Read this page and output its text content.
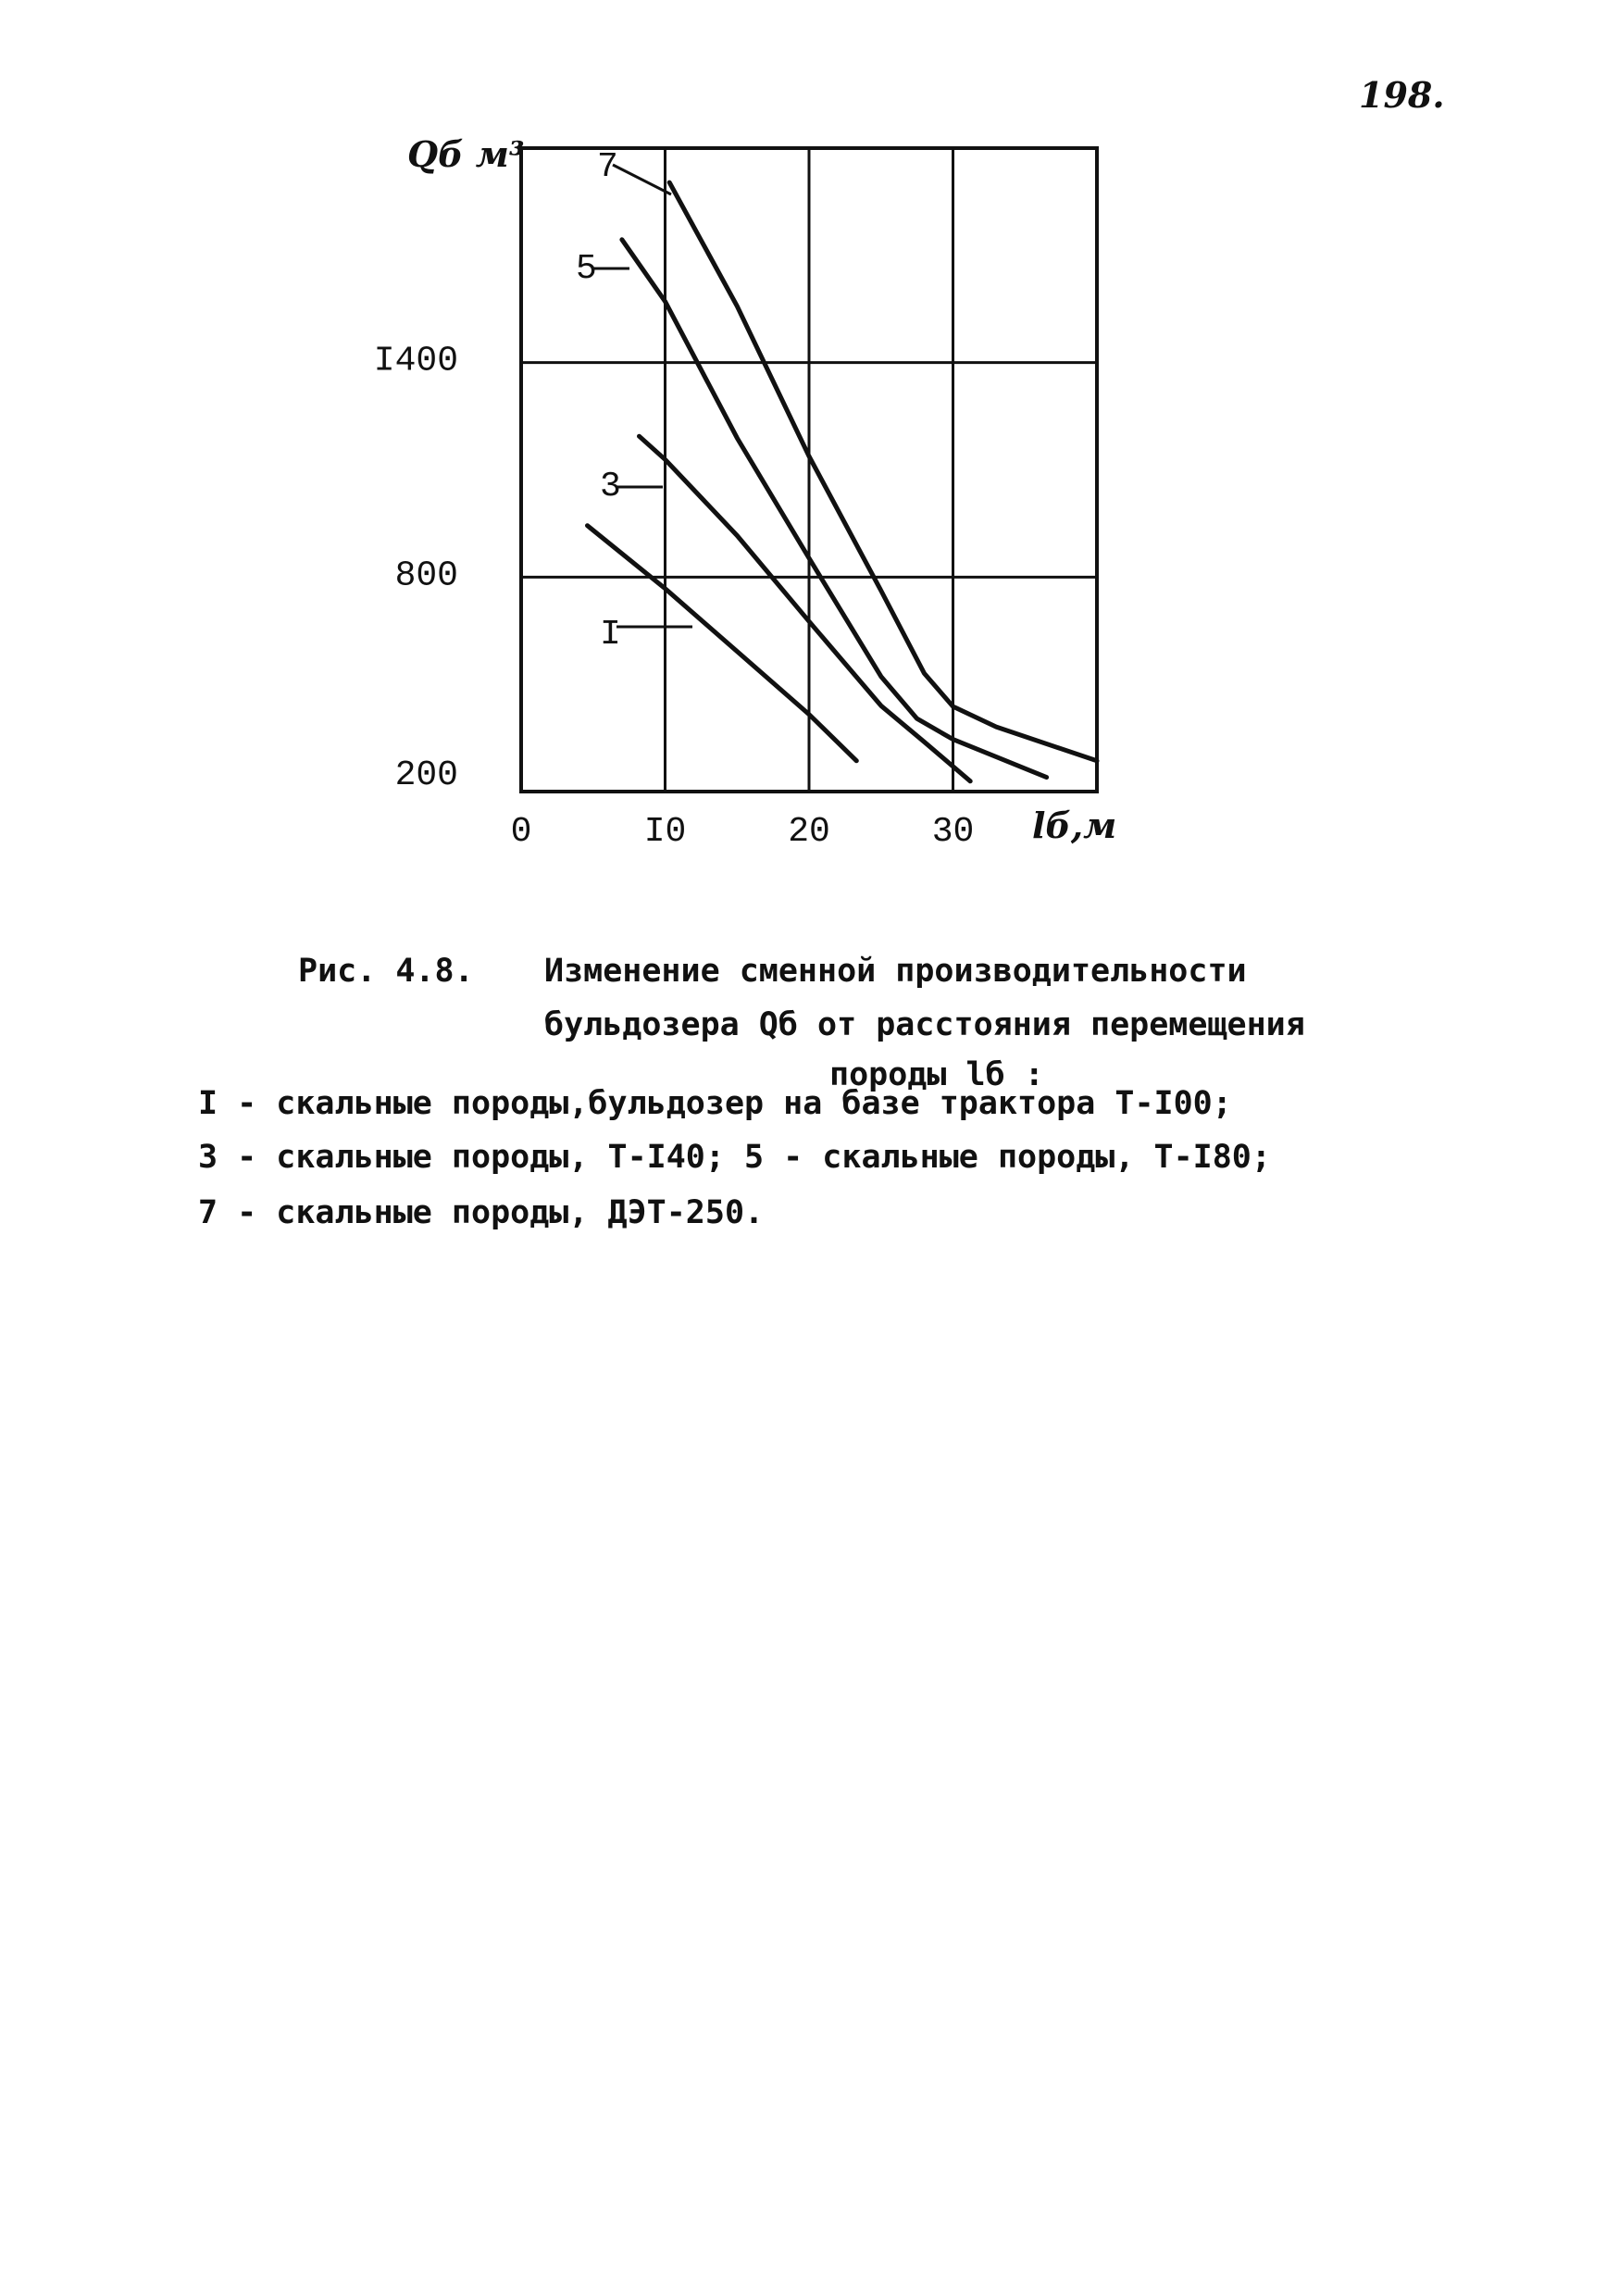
198.
I
3
5
7
0	I0	20	30
200
800
I400
Qб м³
lб,м
Рис. 4.8. Изменение сменной производительности
бульдозера Qб от расстояния перемещения
породы lб :
I - скальные породы,бульдозер на базе трактора Т-I00;
3 - скальные породы, Т-I40; 5 - скальные породы, Т-I80;
7 - скальные породы, ДЭТ-250.
